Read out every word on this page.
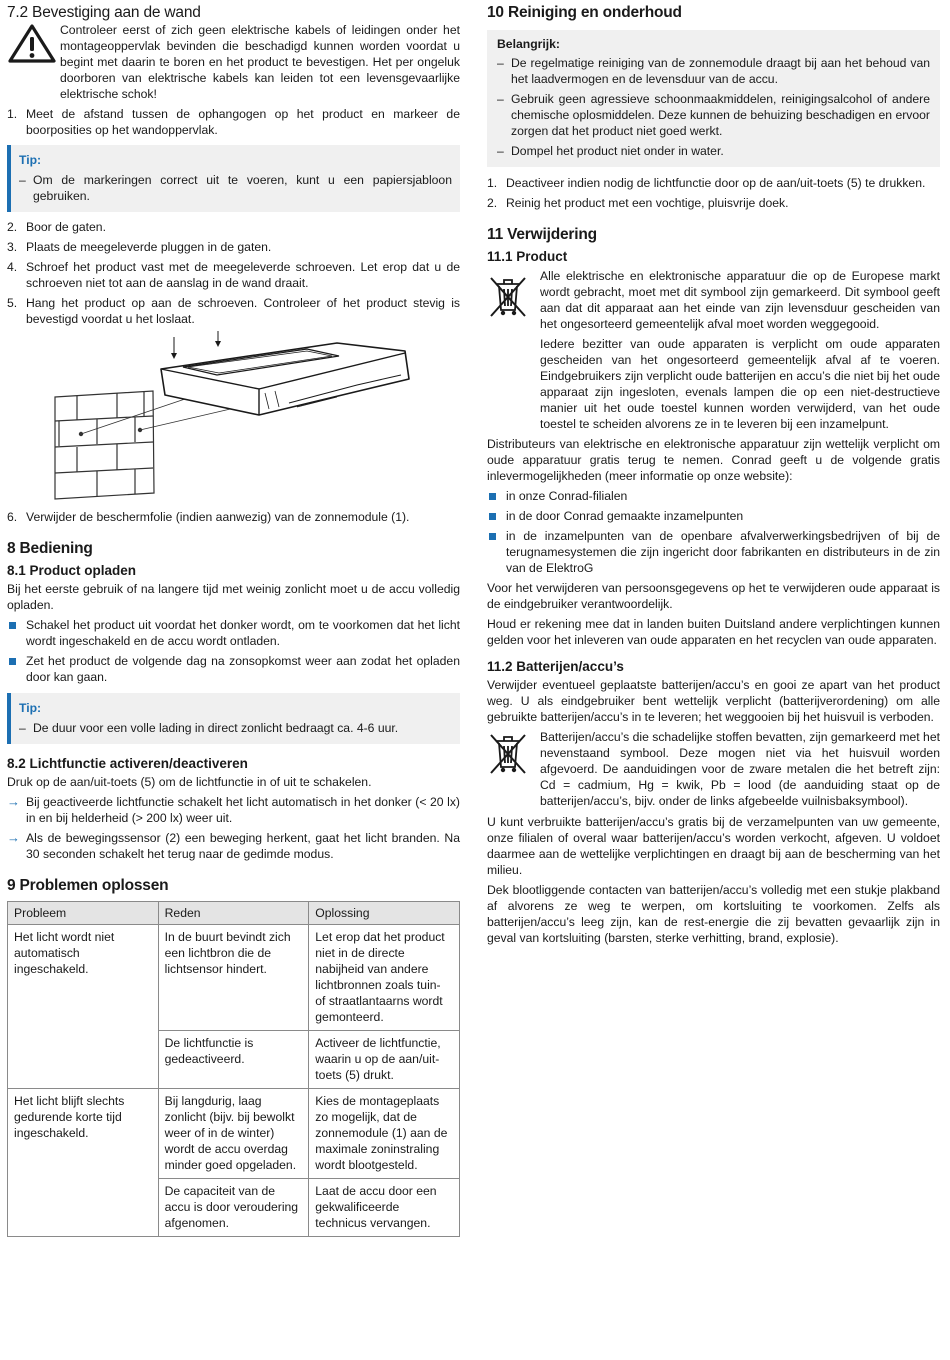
7.2 Bevestiging aan de wand

Controleer eerst of zich geen elektrische kabels of leidingen onder het montageoppervlak bevinden die beschadigd kunnen worden voordat u begint met daarin te boren en het product te bevestigen. Het per ongeluk doorboren van elektrische kabels kan leiden tot een levensgevaarlijke elektrische schok!

1. Meet de afstand tussen de ophangogen op het product en markeer de boorposities op het wandoppervlak.
Tip:
– Om de markeringen correct uit te voeren, kunt u een papiersjabloon gebruiken.
2. Boor de gaten.
3. Plaats de meegeleverde pluggen in de gaten.
4. Schroef het product vast met de meegeleverde schroeven. Let erop dat u de schroeven niet tot aan de aanslag in de wand draait.
5. Hang het product op aan de schroeven. Controleer of het product stevig is bevestigd voordat u het loslaat.
6. Verwijder de beschermfolie (indien aanwezig) van de zonnemodule (1).
8 Bediening
8.1 Product opladen

Bij het eerste gebruik of na langere tijd met weinig zonlicht moet u de accu volledig opladen.

Schakel het product uit voordat het donker wordt, om te voorkomen dat het licht wordt ingeschakeld en de accu wordt ontladen.
Zet het product de volgende dag na zonsopkomst weer aan zodat het opladen door kan gaan.
Tip:
– De duur voor een volle lading in direct zonlicht bedraagt ca. 4-6 uur.
8.2 Lichtfunctie activeren/deactiveren

Druk op de aan/uit-toets (5) om de lichtfunctie in of uit te schakelen.

→ Bij geactiveerde lichtfunctie schakelt het licht automatisch in het donker (< 20 lx) in en bij helderheid (> 200 lx) weer uit.
→ Als de bewegingssensor (2) een beweging herkent, gaat het licht branden. Na 30 seconden schakelt het terug naar de gedimde modus.
9 Problemen oplossen
Probleem	Reden	Oplossing
Het licht wordt niet automatisch ingeschakeld.	In de buurt bevindt zich een lichtbron die de lichtsensor hindert.	Let erop dat het product niet in de directe nabijheid van andere lichtbronnen zoals tuin- of straatlantaarns wordt gemonteerd.
	De lichtfunctie is gedeactiveerd.	Activeer de lichtfunctie, waarin u op de aan/uit-toets (5) drukt.
Het licht blijft slechts gedurende korte tijd ingeschakeld.	Bij langdurig, laag zonlicht (bijv. bij bewolkt weer of in de winter) wordt de accu overdag minder goed opgeladen.	Kies de montageplaats zo mogelijk, dat de zonnemodule (1) aan de maximale zoninstraling wordt blootgesteld.
	De capaciteit van de accu is door veroudering afgenomen.	Laat de accu door een gekwalificeerde technicus vervangen.
10 Reiniging en onderhoud
Belangrijk:
– De regelmatige reiniging van de zonnemodule draagt bij aan het behoud van het laadvermogen en de levensduur van de accu.
– Gebruik geen agressieve schoonmaakmiddelen, reinigingsalcohol of andere chemische oplosmiddelen. Deze kunnen de behuizing beschadigen en ervoor zorgen dat het product niet goed werkt.
– Dompel het product niet onder in water.
1. Deactiveer indien nodig de lichtfunctie door op de aan/uit-toets (5) te drukken.
2. Reinig het product met een vochtige, pluisvrije doek.
11 Verwijdering
11.1 Product

Alle elektrische en elektronische apparatuur die op de Europese markt wordt gebracht, moet met dit symbool zijn gemarkeerd. Dit symbool geeft aan dat dit apparaat aan het einde van zijn levensduur gescheiden van het ongesorteerd gemeentelijk afval moet worden weggegooid.

Iedere bezitter van oude apparaten is verplicht om oude apparaten gescheiden van het ongesorteerd gemeentelijk afval af te voeren. Eindgebruikers zijn verplicht oude batterijen en accu’s die niet bij het oude apparaat zijn ingesloten, evenals lampen die op een niet-destructieve manier uit het oude toestel kunnen worden verwijderd, van het oude toestel te scheiden alvorens ze in te leveren bij een inzamelpunt.

Distributeurs van elektrische en elektronische apparatuur zijn wettelijk verplicht om oude apparatuur gratis terug te nemen. Conrad geeft u de volgende gratis inlevermogelijkheden (meer informatie op onze website):

in onze Conrad-filialen
in de door Conrad gemaakte inzamelpunten
in de inzamelpunten van de openbare afvalverwerkingsbedrijven of bij de terugnamesystemen die zijn ingericht door fabrikanten en distributeurs in de zin van de ElektroG

Voor het verwijderen van persoonsgegevens op het te verwijderen oude apparaat is de eindgebruiker verantwoordelijk.

Houd er rekening mee dat in landen buiten Duitsland andere verplichtingen kunnen gelden voor het inleveren van oude apparaten en het recyclen van oude apparaten.

11.2 Batterijen/accu’s

Verwijder eventueel geplaatste batterijen/accu’s en gooi ze apart van het product weg. U als eindgebruiker bent wettelijk verplicht (batterijverordening) om alle gebruikte batterijen/accu’s in te leveren; het weggooien bij het huisvuil is verboden.

Batterijen/accu’s die schadelijke stoffen bevatten, zijn gemarkeerd met het nevenstaand symbool. Deze mogen niet via het huisvuil worden afgevoerd. De aanduidingen voor de zware metalen die het betreft zijn: Cd = cadmium, Hg = kwik, Pb = lood (de aanduiding staat op de batterijen/accu’s, bijv. onder de links afgebeelde vuilnisbaksymbool).

U kunt verbruikte batterijen/accu’s gratis bij de verzamelpunten van uw gemeente, onze filialen of overal waar batterijen/accu’s worden verkocht, afgeven. U voldoet daarmee aan de wettelijke verplichtingen en draagt bij aan de bescherming van het milieu.

Dek blootliggende contacten van batterijen/accu’s volledig met een stukje plakband af alvorens ze weg te werpen, om kortsluiting te voorkomen. Zelfs als batterijen/accu’s leeg zijn, kan de rest-energie die zij bevatten gevaarlijk zijn in geval van kortsluiting (barsten, sterke verhitting, brand, explosie).
